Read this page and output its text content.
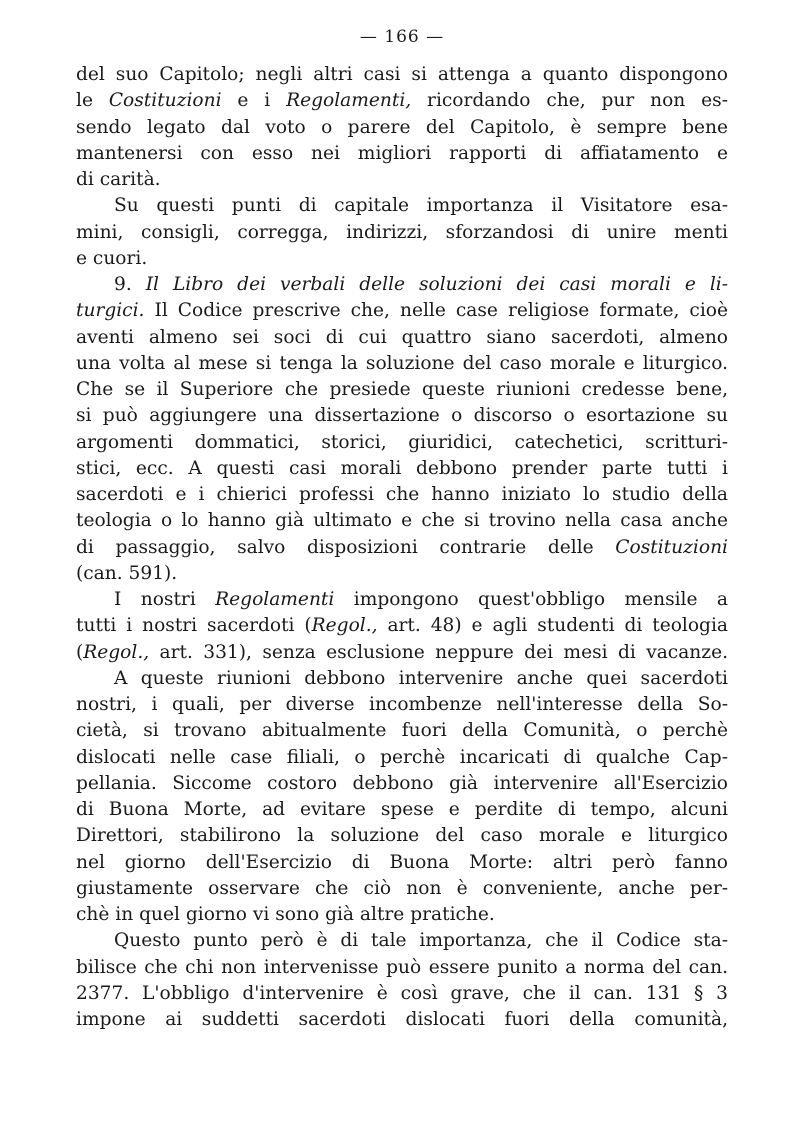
— 166 —
del suo Capitolo; negli altri casi si attenga a quanto dispongono
le Costituzioni e i Regolamenti, ricordando che, pur non es-
sendo legato dal voto o parere del Capitolo, è sempre bene
mantenersi con esso nei migliori rapporti di affiatamento e
di carità.
Su questi punti di capitale importanza il Visitatore esa-
mini, consigli, corregga, indirizzi, sforzandosi di unire menti
e cuori.
9. Il Libro dei verbali delle soluzioni dei casi morali e li-
turgici. Il Codice prescrive che, nelle case religiose formate, cioè
aventi almeno sei soci di cui quattro siano sacerdoti, almeno
una volta al mese si tenga la soluzione del caso morale e liturgico.
Che se il Superiore che presiede queste riunioni credesse bene,
si può aggiungere una dissertazione o discorso o esortazione su
argomenti dommatici, storici, giuridici, catechetici, scritturi-
stici, ecc. A questi casi morali debbono prender parte tutti i
sacerdoti e i chierici professi che hanno iniziato lo studio della
teologia o lo hanno già ultimato e che si trovino nella casa anche
di passaggio, salvo disposizioni contrarie delle Costituzioni
(can. 591).
I nostri Regolamenti impongono quest'obbligo mensile a
tutti i nostri sacerdoti (Regol., art. 48) e agli studenti di teologia
(Regol., art. 331), senza esclusione neppure dei mesi di vacanze.
A queste riunioni debbono intervenire anche quei sacerdoti
nostri, i quali, per diverse incombenze nell'interesse della So-
cietà, si trovano abitualmente fuori della Comunità, o perchè
dislocati nelle case filiali, o perchè incaricati di qualche Cap-
pellania. Siccome costoro debbono già intervenire all'Esercizio
di Buona Morte, ad evitare spese e perdite di tempo, alcuni
Direttori, stabilirono la soluzione del caso morale e liturgico
nel giorno dell'Esercizio di Buona Morte: altri però fanno
giustamente osservare che ciò non è conveniente, anche per-
chè in quel giorno vi sono già altre pratiche.
Questo punto però è di tale importanza, che il Codice sta-
bilisce che chi non intervenisse può essere punito a norma del can.
2377. L'obbligo d'intervenire è così grave, che il can. 131 § 3
impone ai suddetti sacerdoti dislocati fuori della comunità,
